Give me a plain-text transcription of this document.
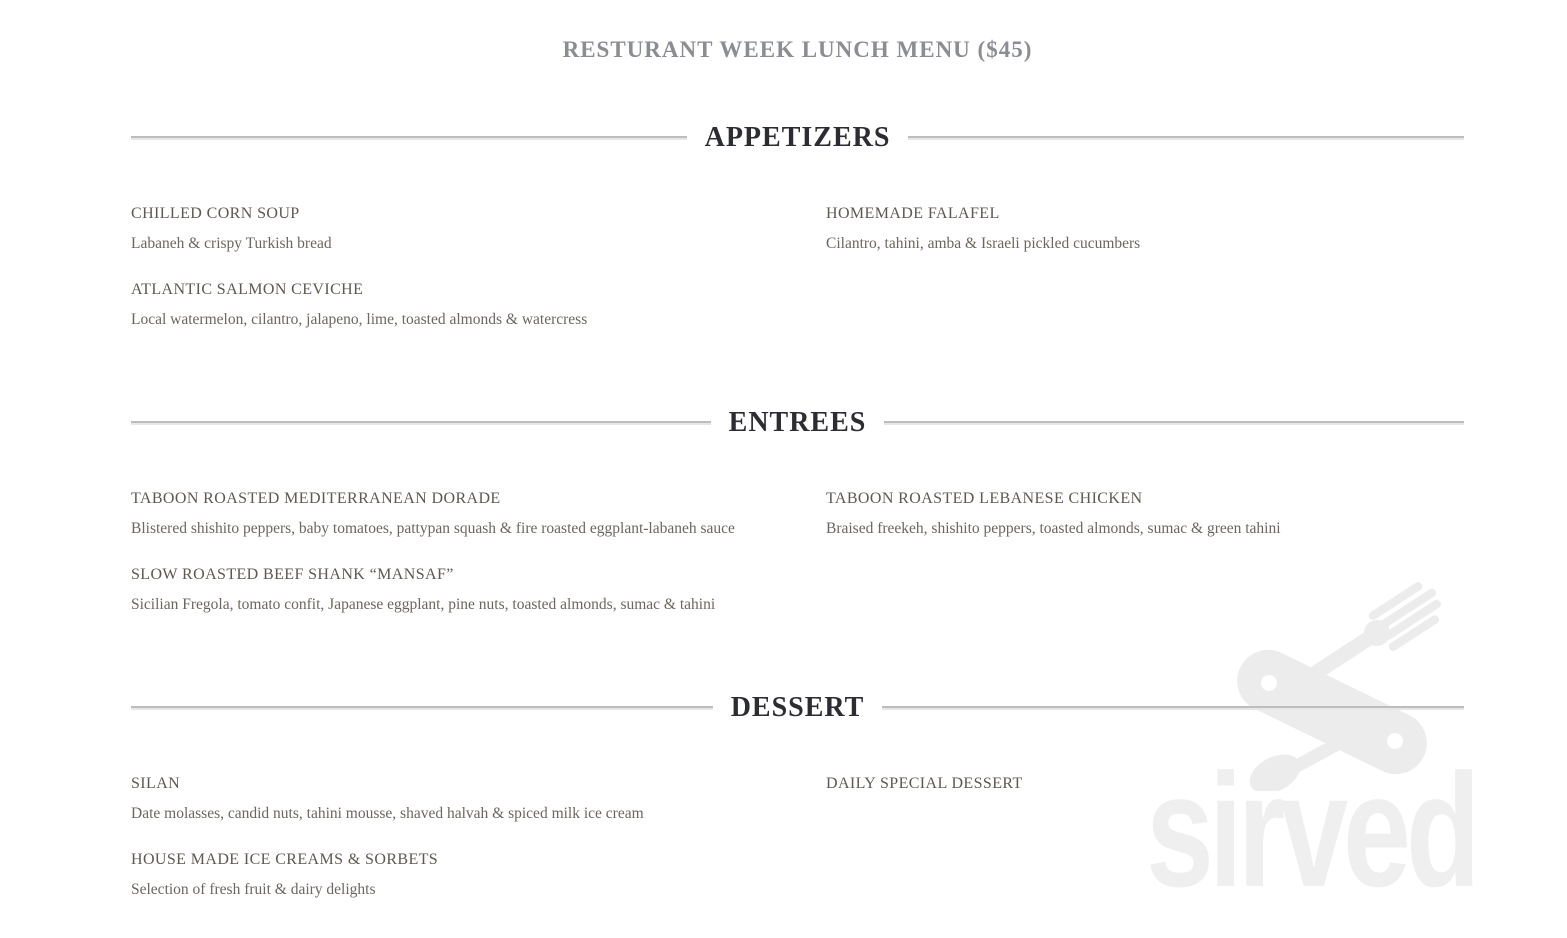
sirved
RESTURANT WEEK LUNCH MENU ($45)
APPETIZERS
CHILLED CORN SOUP
Labaneh & crispy Turkish bread
ATLANTIC SALMON CEVICHE
Local watermelon, cilantro, jalapeno, lime, toasted almonds & watercress
HOMEMADE FALAFEL
Cilantro, tahini, amba & Israeli pickled cucumbers
ENTREES
TABOON ROASTED MEDITERRANEAN DORADE
Blistered shishito peppers, baby tomatoes, pattypan squash & fire roasted eggplant-labaneh sauce
SLOW ROASTED BEEF SHANK “MANSAF”
Sicilian Fregola, tomato confit, Japanese eggplant, pine nuts, toasted almonds, sumac & tahini
TABOON ROASTED LEBANESE CHICKEN
Braised freekeh, shishito peppers, toasted almonds, sumac & green tahini
DESSERT
SILAN
Date molasses, candid nuts, tahini mousse, shaved halvah & spiced milk ice cream
HOUSE MADE ICE CREAMS & SORBETS
Selection of fresh fruit & dairy delights
DAILY SPECIAL DESSERT
